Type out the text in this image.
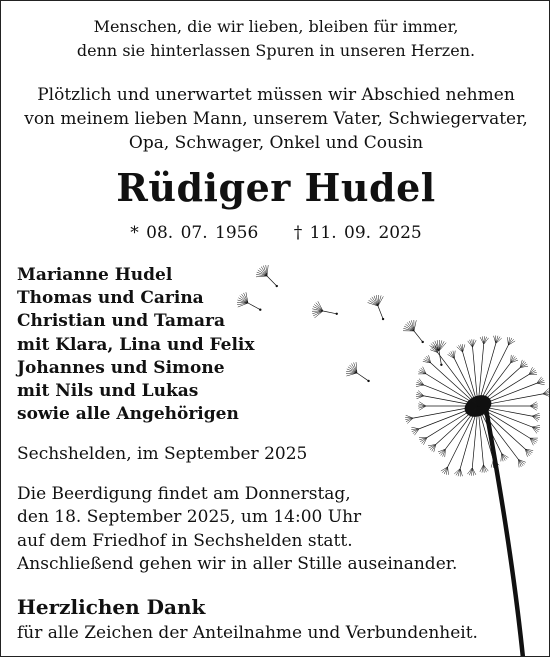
Menschen, die wir lieben, bleiben für immer,
denn sie hinterlassen Spuren in unseren Herzen.
Plötzlich und unerwartet müssen wir Abschied nehmen
von meinem lieben Mann, unserem Vater, Schwiegervater,
Opa, Schwager, Onkel und Cousin
Rüdiger Hudel
* 08. 07. 1956 † 11. 09. 2025
Marianne Hudel
Thomas und Carina
Christian und Tamara
mit Klara, Lina und Felix
Johannes und Simone
mit Nils und Lukas
sowie alle Angehörigen
Sechshelden, im September 2025
Die Beerdigung findet am Donnerstag,
den 18. September 2025, um 14:00 Uhr
auf dem Friedhof in Sechshelden statt.
Anschließend gehen wir in aller Stille auseinander.
Herzlichen Dank
für alle Zeichen der Anteilnahme und Verbundenheit.
